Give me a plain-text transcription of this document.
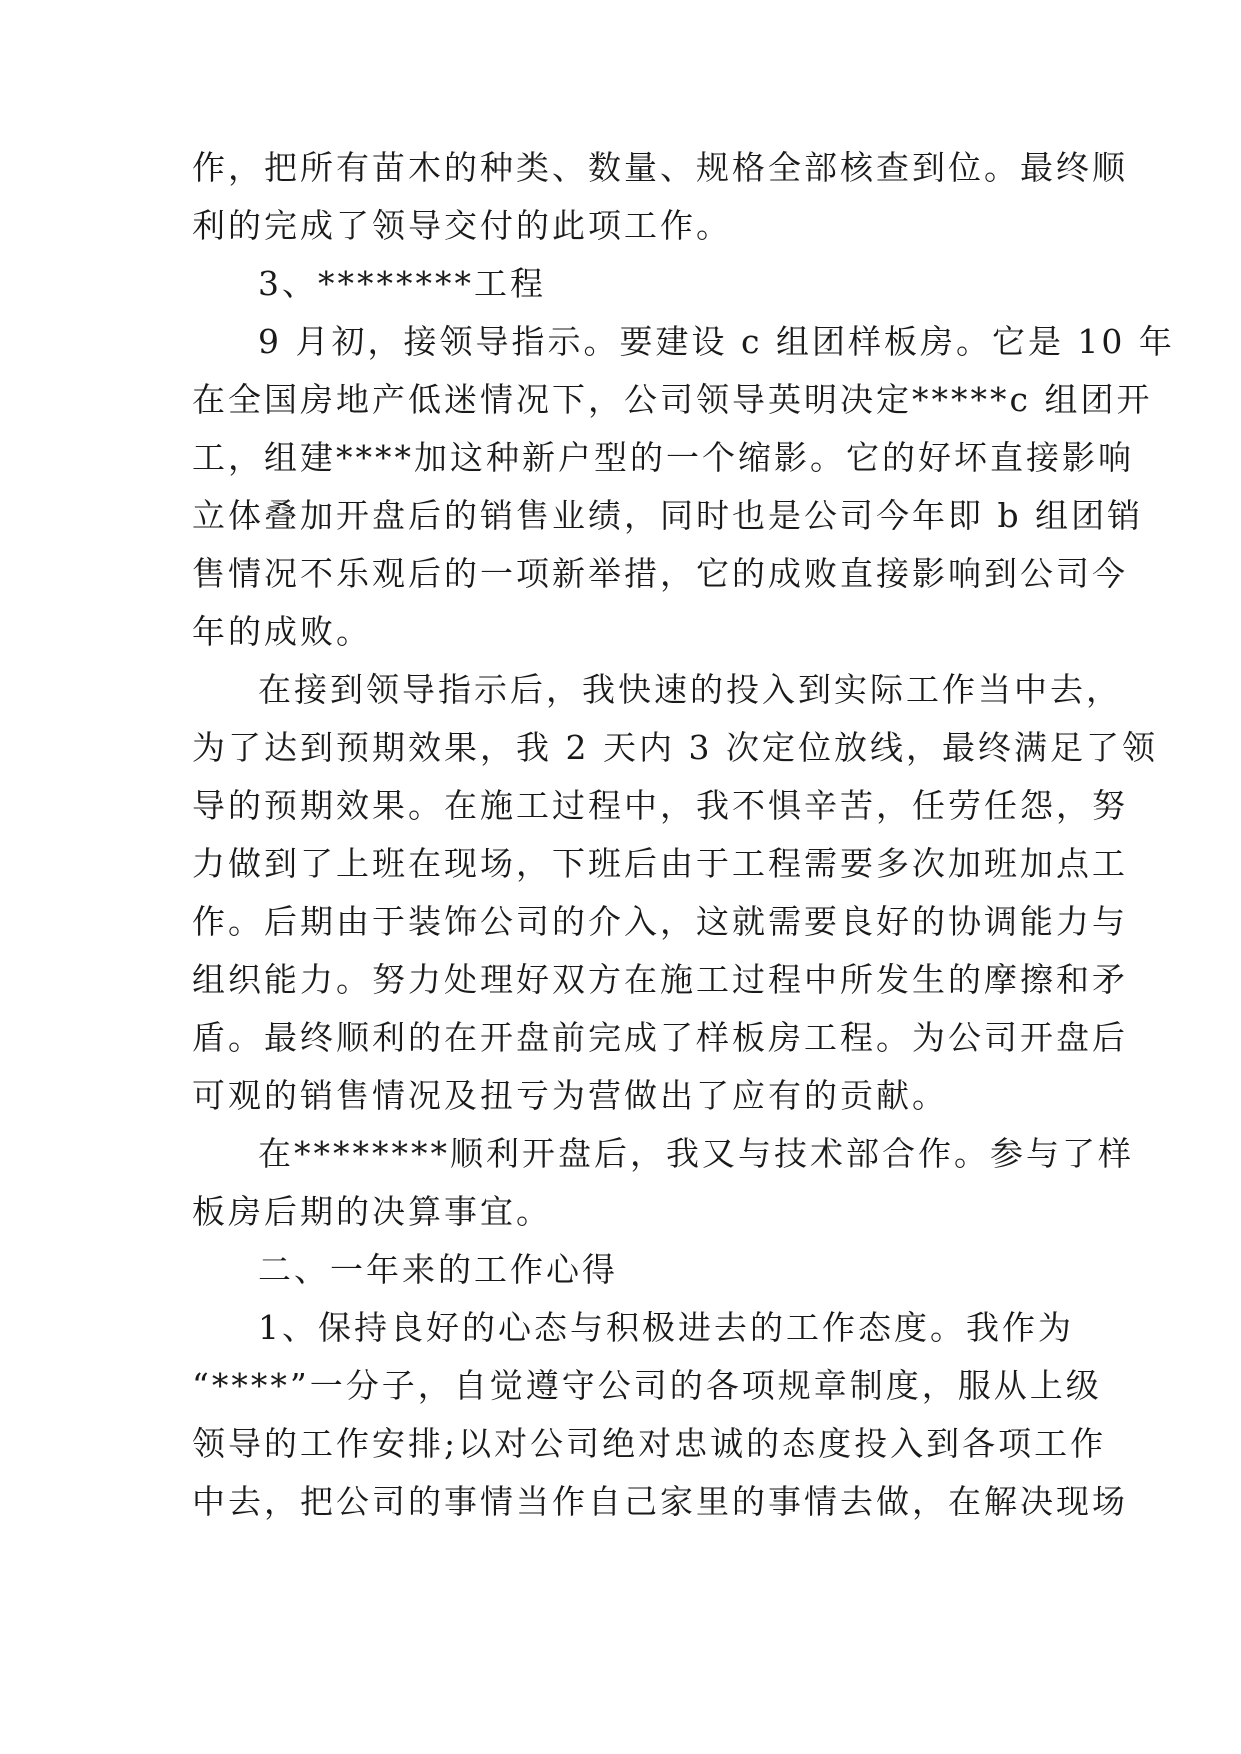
作，把所有苗木的种类、数量、规格全部核查到位。最终顺
利的完成了领导交付的此项工作。
3、********工程
9 月初，接领导指示。要建设 c 组团样板房。它是 10 年
在全国房地产低迷情况下，公司领导英明决定*****c 组团开
工，组建****加这种新户型的一个缩影。它的好坏直接影响
立体叠加开盘后的销售业绩，同时也是公司今年即 b 组团销
售情况不乐观后的一项新举措，它的成败直接影响到公司今
年的成败。
在接到领导指示后，我快速的投入到实际工作当中去，
为了达到预期效果，我 2 天内 3 次定位放线，最终满足了领
导的预期效果。在施工过程中，我不惧辛苦，任劳任怨，努
力做到了上班在现场，下班后由于工程需要多次加班加点工
作。后期由于装饰公司的介入，这就需要良好的协调能力与
组织能力。努力处理好双方在施工过程中所发生的摩擦和矛
盾。最终顺利的在开盘前完成了样板房工程。为公司开盘后
可观的销售情况及扭亏为营做出了应有的贡献。
在********顺利开盘后，我又与技术部合作。参与了样
板房后期的决算事宜。
二、一年来的工作心得
1、保持良好的心态与积极进去的工作态度。我作为
“****”一分子，自觉遵守公司的各项规章制度，服从上级
领导的工作安排;以对公司绝对忠诚的态度投入到各项工作
中去，把公司的事情当作自己家里的事情去做，在解决现场
